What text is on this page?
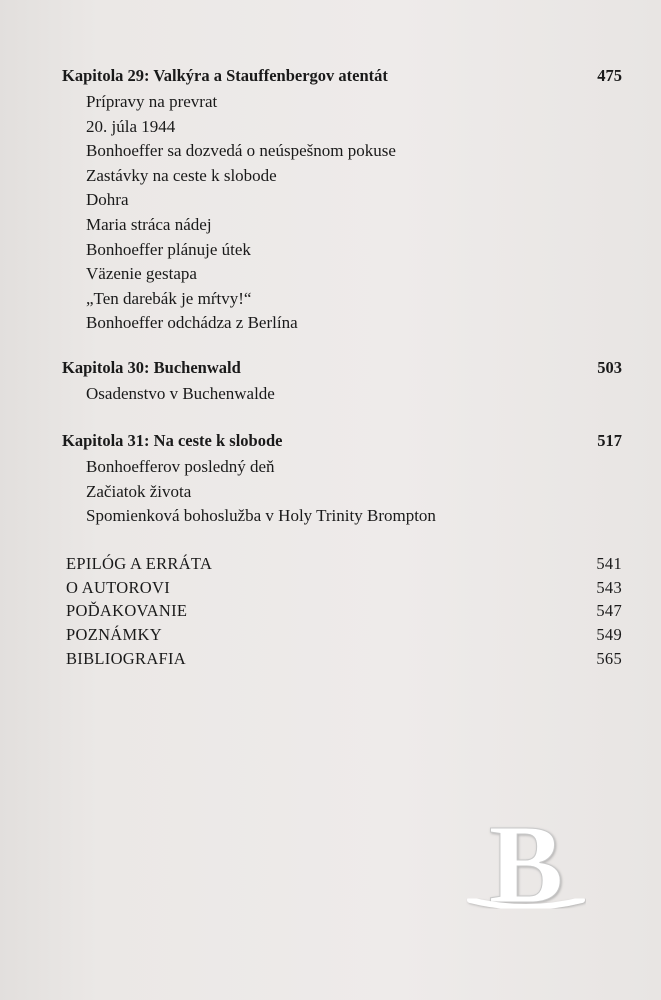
Kapitola 29: Valkýra a Stauffenbergov atentát	475
Prípravy na prevrat
20. júla 1944
Bonhoeffer sa dozvedá o neúspešnom pokuse
Zastávky na ceste k slobode
Dohra
Maria stráca nádej
Bonhoeffer plánuje útek
Väzenie gestapa
„Ten darebák je mŕtvy!“
Bonhoeffer odchádza z Berlína
Kapitola 30: Buchenwald	503
Osadenstvo v Buchenwalde
Kapitola 31: Na ceste k slobode	517
Bonhoefferov posledný deň
Začiatok života
Spomienková bohoslužba v Holy Trinity Brompton
EPILÓG A ERRÁTA	541
O AUTOROVI	543
POĎAKOVANIE	547
POZNÁMKY	549
BIBLIOGRAFIA	565
B
